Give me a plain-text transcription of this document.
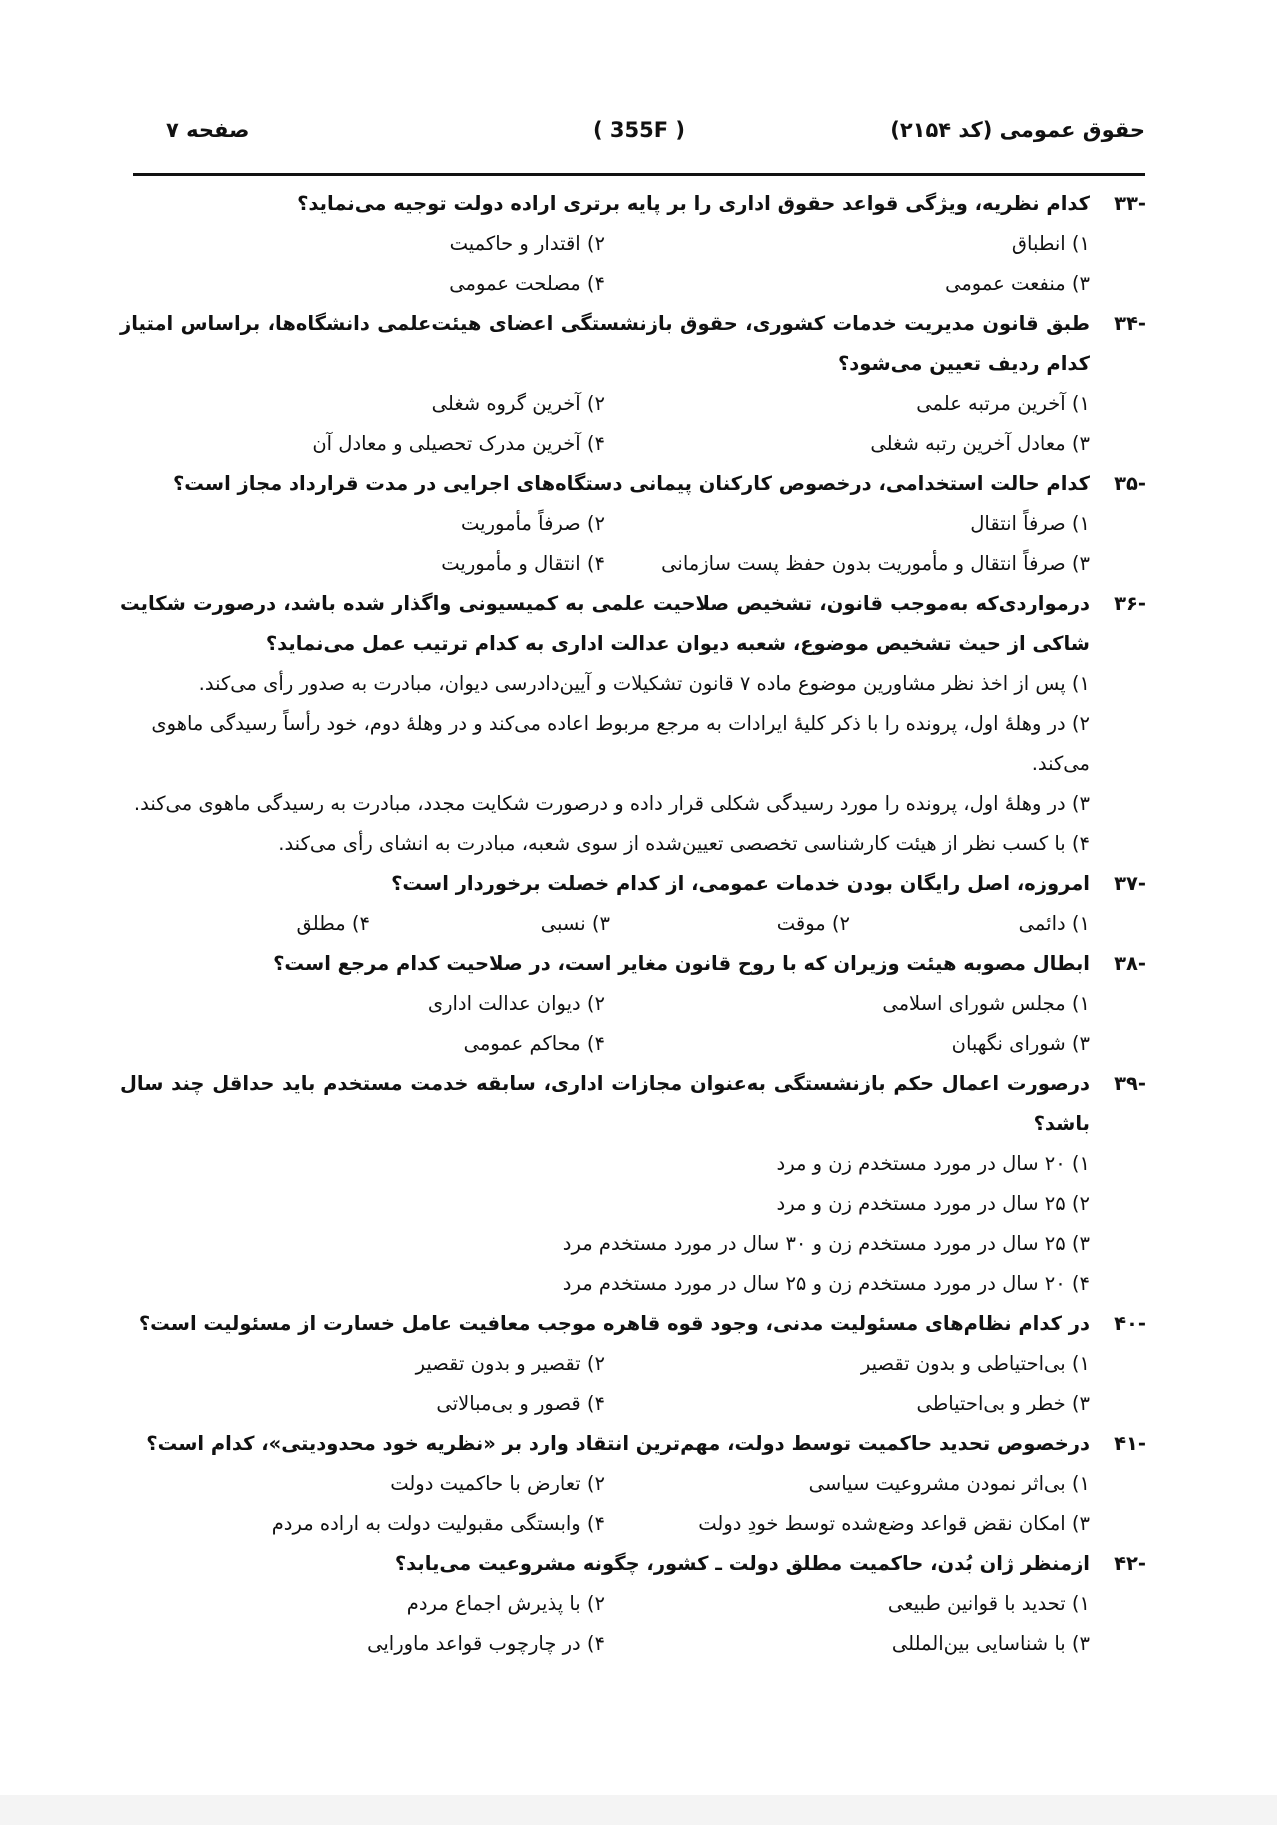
حقوق عمومی (کد ۲۱۵۴)
( 355F )
صفحه ۷
-۳۳
کدام نظریه، ویژگی قواعد حقوق اداری را بر پایه برتری اراده دولت توجیه می‌نماید؟
۱) انطباق
۲) اقتدار و حاکمیت
۳) منفعت عمومی
۴) مصلحت عمومی
-۳۴
طبق قانون مدیریت خدمات کشوری، حقوق بازنشستگی اعضای هیئت‌علمی دانشگاه‌ها، براساس امتیاز کدام ردیف تعیین می‌شود؟
۱) آخرین مرتبه علمی
۲) آخرین گروه شغلی
۳) معادل آخرین رتبه شغلی
۴) آخرین مدرک تحصیلی و معادل آن
-۳۵
کدام حالت استخدامی، درخصوص کارکنان پیمانی دستگاه‌های اجرایی در مدت قرارداد مجاز است؟
۱) صرفاً انتقال
۲) صرفاً مأموریت
۳) صرفاً انتقال و مأموریت بدون حفظ پست سازمانی
۴) انتقال و مأموریت
-۳۶
درمواردی‌که به‌موجب قانون، تشخیص صلاحیت علمی به کمیسیونی واگذار شده باشد، درصورت شکایت شاکی از حیث تشخیص موضوع، شعبه دیوان عدالت اداری به کدام ترتیب عمل می‌نماید؟
۱) پس از اخذ نظر مشاورین موضوع ماده ۷ قانون تشکیلات و آیین‌دادرسی دیوان، مبادرت به صدور رأی می‌کند.
۲) در وهلهٔ اول، پرونده را با ذکر کلیهٔ ایرادات به مرجع مربوط اعاده می‌کند و در وهلهٔ دوم، خود رأساً رسیدگی ماهوی می‌کند.
۳) در وهلهٔ اول، پرونده را مورد رسیدگی شکلی قرار داده و درصورت شکایت مجدد، مبادرت به رسیدگی ماهوی می‌کند.
۴) با کسب نظر از هیئت کارشناسی تخصصی تعیین‌شده از سوی شعبه، مبادرت به انشای رأی می‌کند.
-۳۷
امروزه، اصل رایگان بودن خدمات عمومی، از کدام خصلت برخوردار است؟
۱) دائمی
۲) موقت
۳) نسبی
۴) مطلق
-۳۸
ابطال مصوبه هیئت وزیران که با روح قانون مغایر است، در صلاحیت کدام مرجع است؟
۱) مجلس شورای اسلامی
۲) دیوان عدالت اداری
۳) شورای نگهبان
۴) محاکم عمومی
-۳۹
درصورت اعمال حکم بازنشستگی به‌عنوان مجازات اداری، سابقه خدمت مستخدم باید حداقل چند سال باشد؟
۱) ۲۰ سال در مورد مستخدم زن و مرد
۲) ۲۵ سال در مورد مستخدم زن و مرد
۳) ۲۵ سال در مورد مستخدم زن و ۳۰ سال در مورد مستخدم مرد
۴) ۲۰ سال در مورد مستخدم زن و ۲۵ سال در مورد مستخدم مرد
-۴۰
در کدام نظام‌های مسئولیت مدنی، وجود قوه قاهره موجب معافیت عامل خسارت از مسئولیت است؟
۱) بی‌احتیاطی و بدون تقصیر
۲) تقصیر و بدون تقصیر
۳) خطر و بی‌احتیاطی
۴) قصور و بی‌مبالاتی
-۴۱
درخصوص تحدید حاکمیت توسط دولت، مهم‌ترین انتقاد وارد بر «نظریه خود محدودیتی»، کدام است؟
۱) بی‌اثر نمودن مشروعیت سیاسی
۲) تعارض با حاکمیت دولت
۳) امکان نقض قواعد وضع‌شده توسط خودِ دولت
۴) وابستگی مقبولیت دولت به اراده مردم
-۴۲
ازمنظر ژان بُدن، حاکمیت مطلق دولت ـ کشور، چگونه مشروعیت می‌یابد؟
۱) تحدید با قوانین طبیعی
۲) با پذیرش اجماع مردم
۳) با شناسایی بین‌المللی
۴) در چارچوب قواعد ماورایی
